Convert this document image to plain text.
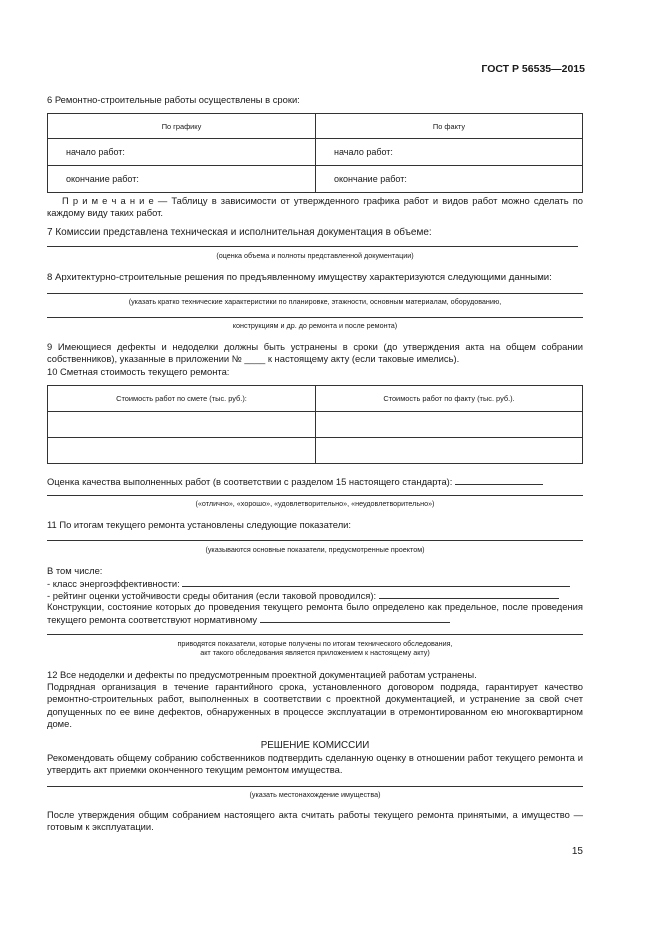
ГОСТ Р 56535—2015
6 Ремонтно-строительные работы осуществлены в сроки:
По графику	По факту
начало работ:	начало работ:
окончание работ:	окончание работ:
П р и м е ч а н и е — Таблицу в зависимости от утвержденного графика работ и видов работ можно сделать по каждому виду таких работ.
7 Комиссии представлена техническая и исполнительная документация в объеме:
(оценка объема и полноты представленной документации)
8 Архитектурно-строительные решения по предъявленному имуществу характеризуются следующими данными:
(указать кратко технические характеристики по планировке, этажности, основным материалам, оборудованию,
конструкциям и др. до ремонта и после ремонта)
9 Имеющиеся дефекты и недоделки должны быть устранены в сроки (до утверждения акта на общем собрании собственников), указанные в приложении № ____ к настоящему акту (если таковые имелись).
10 Сметная стоимость текущего ремонта:
Стоимость работ по смете (тыс. руб.):	Стоимость работ по факту (тыс. руб.).

Оценка качества выполненных работ (в соответствии с разделом 15 настоящего стандарта):
(«отлично», «хорошо», «удовлетворительно», «неудовлетворительно»)
11 По итогам текущего ремонта установлены следующие показатели:
(указываются основные показатели, предусмотренные проектом)
В том числе:
- класс энергоэффективности:
- рейтинг оценки устойчивости среды обитания (если таковой проводился):
Конструкции, состояние которых до проведения текущего ремонта было определено как предельное, после проведения текущего ремонта соответствуют нормативному
приводятся показатели, которые получены по итогам технического обследования,
акт такого обследования является приложением к настоящему акту)
12 Все недоделки и дефекты по предусмотренным проектной документацией работам устранены.
Подрядная организация в течение гарантийного срока, установленного договором подряда, гарантирует качество ремонтно-строительных работ, выполненных в соответствии с проектной документацией, и устранение за свой счет допущенных по ее вине дефектов, обнаруженных в процессе эксплуатации в отремонтированном ею многоквартирном доме.
РЕШЕНИЕ КОМИССИИ
Рекомендовать общему собранию собственников подтвердить сделанную оценку в отношении работ текущего ремонта и утвердить акт приемки оконченного текущим ремонтом имущества.
(указать местонахождение имущества)
После утверждения общим собранием настоящего акта считать работы текущего ремонта принятыми, а имущество — готовым к эксплуатации.
15
